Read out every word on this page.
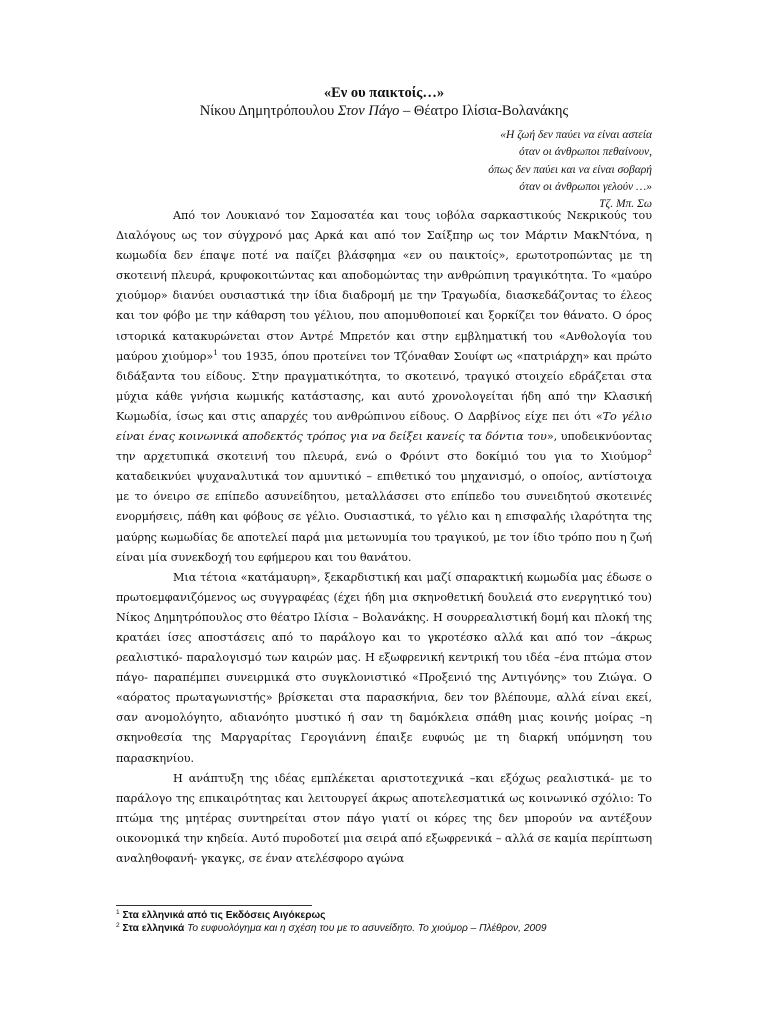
«Εν ου παικτοίς…»
Νίκου Δημητρόπουλου Στον Πάγο – Θέατρο Ιλίσια-Βολανάκης
«Η ζωή δεν παύει να είναι αστεία
όταν οι άνθρωποι πεθαίνουν,
όπως δεν παύει και να είναι σοβαρή
όταν οι άνθρωποι γελούν …»
Τζ. Μπ. Σω

Από τον Λουκιανό τον Σαμοσατέα και τους ιοβόλα σαρκαστικούς Νεκρικούς του Διαλόγους ως τον σύγχρονό μας Αρκά και από τον Σαίξπηρ ως τον Μάρτιν ΜακΝτόνα, η κωμωδία δεν έπαψε ποτέ να παίζει βλάσφημα «εν ου παικτοίς», ερωτοτροπώντας με τη σκοτεινή πλευρά, κρυφοκοιτώντας και αποδομώντας την ανθρώπινη τραγικότητα. Το «μαύρο χιούμορ» διανύει ουσιαστικά την ίδια διαδρομή με την Τραγωδία, διασκεδάζοντας το έλεος και τον φόβο με την κάθαρση του γέλιου, που απομυθοποιεί και ξορκίζει τον θάνατο. Ο όρος ιστορικά κατακυρώνεται στον Αντρέ Μπρετόν και στην εμβληματική του «Ανθολογία του μαύρου χιούμορ»$^1$ του 1935, όπου προτείνει τον Τζόναθαν Σουίφτ ως «πατριάρχη» και πρώτο διδάξαντα του είδους. Στην πραγματικότητα, το σκοτεινό, τραγικό στοιχείο εδράζεται στα μύχια κάθε γνήσια κωμικής κατάστασης, και αυτό χρονολογείται ήδη από την Κλασική Κωμωδία, ίσως και στις απαρχές του ανθρώπινου είδους. Ο Δαρβίνος είχε πει ότι «Το γέλιο είναι ένας κοινωνικά αποδεκτός τρόπος για να δείξει κανείς τα δόντια του», υποδεικνύοντας την αρχετυπικά σκοτεινή του πλευρά, ενώ ο Φρόιντ στο δοκίμιό του για το Χιούμορ$^2$ καταδεικνύει ψυχαναλυτικά τον αμυντικό – επιθετικό του μηχανισμό, ο οποίος, αντίστοιχα με το όνειρο σε επίπεδο ασυνείδητου, μεταλλάσσει στο επίπεδο του συνειδητού σκοτεινές ενορμήσεις, πάθη και φόβους σε γέλιο. Ουσιαστικά, το γέλιο και η επισφαλής ιλαρότητα της μαύρης κωμωδίας δε αποτελεί παρά μια μετωνυμία του τραγικού, με τον ίδιο τρόπο που η ζωή είναι μία συνεκδοχή του εφήμερου και του θανάτου.

Μια τέτοια «κατάμαυρη», ξεκαρδιστική και μαζί σπαρακτική κωμωδία μας έδωσε ο πρωτοεμφανιζόμενος ως συγγραφέας (έχει ήδη μια σκηνοθετική δουλειά στο ενεργητικό του) Νίκος Δημητρόπουλος στο θέατρο Ιλίσια – Βολανάκης. Η σουρρεαλιστική δομή και πλοκή της κρατάει ίσες αποστάσεις από το παράλογο και το γκροτέσκο αλλά και από τον –άκρως ρεαλιστικό- παραλογισμό των καιρών μας. Η εξωφρενική κεντρική του ιδέα –ένα πτώμα στον πάγο- παραπέμπει συνειρμικά στο συγκλονιστικό «Προξενιό της Αντιγόνης» του Ζιώγα. Ο «αόρατος πρωταγωνιστής» βρίσκεται στα παρασκήνια, δεν τον βλέπουμε, αλλά είναι εκεί, σαν ανομολόγητο, αδιανόητο μυστικό ή σαν τη δαμόκλεια σπάθη μιας κοινής μοίρας –η σκηνοθεσία της Μαργαρίτας Γερογιάννη έπαιξε ευφυώς με τη διαρκή υπόμνηση του παρασκηνίου.

Η ανάπτυξη της ιδέας εμπλέκεται αριστοτεχνικά –και εξόχως ρεαλιστικά- με το παράλογο της επικαιρότητας και λειτουργεί άκρως αποτελεσματικά ως κοινωνικό σχόλιο: Το πτώμα της μητέρας συντηρείται στον πάγο γιατί οι κόρες της δεν μπορούν να αντέξουν οικονομικά την κηδεία. Αυτό πυροδοτεί μια σειρά από εξωφρενικά – αλλά σε καμία περίπτωση αναληθοφανή- γκαγκς, σε έναν ατελέσφορο αγώνα

$^1$ Στα ελληνικά από τις Εκδόσεις Αιγόκερως
$^2$ Στα ελληνικά Το ευφυολόγημα και η σχέση του με το ασυνείδητο. Το χιούμορ – Πλέθρον, 2009
